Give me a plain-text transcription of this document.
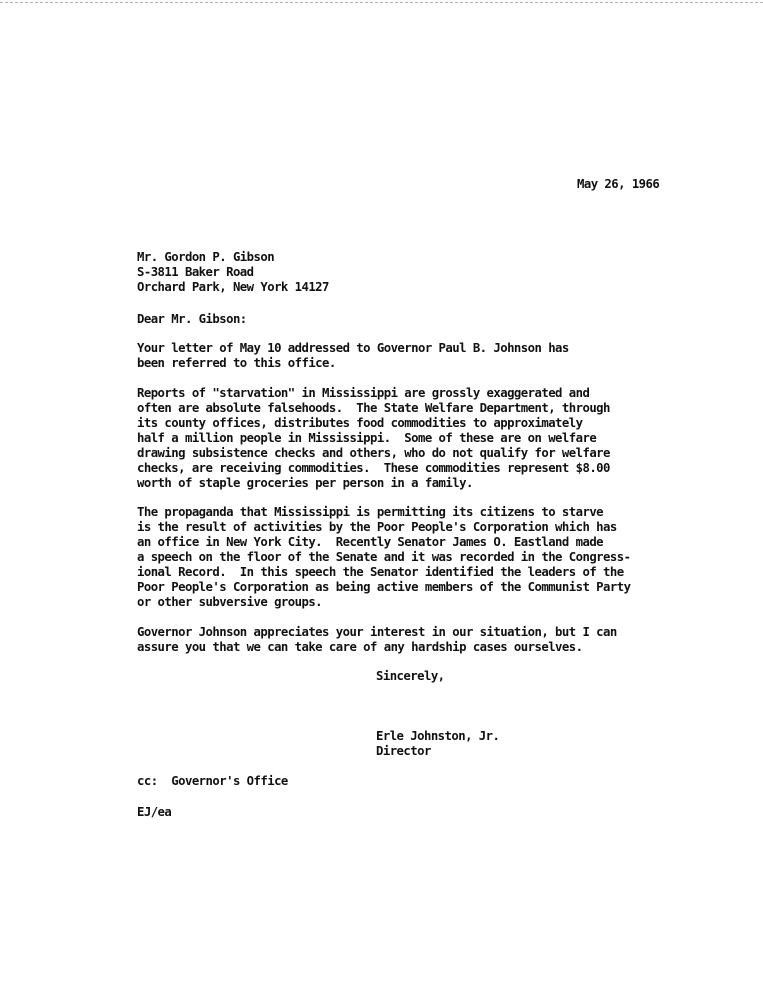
May 26, 1966
Mr. Gordon P. Gibson
S-3811 Baker Road
Orchard Park, New York 14127
Dear Mr. Gibson:
Your letter of May 10 addressed to Governor Paul B. Johnson has
been referred to this office.
Reports of "starvation" in Mississippi are grossly exaggerated and
often are absolute falsehoods.  The State Welfare Department, through
its county offices, distributes food commodities to approximately
half a million people in Mississippi.  Some of these are on welfare
drawing subsistence checks and others, who do not qualify for welfare
checks, are receiving commodities.  These commodities represent $8.00
worth of staple groceries per person in a family.
The propaganda that Mississippi is permitting its citizens to starve
is the result of activities by the Poor People's Corporation which has
an office in New York City.  Recently Senator James O. Eastland made
a speech on the floor of the Senate and it was recorded in the Congress-
ional Record.  In this speech the Senator identified the leaders of the
Poor People's Corporation as being active members of the Communist Party
or other subversive groups.
Governor Johnson appreciates your interest in our situation, but I can
assure you that we can take care of any hardship cases ourselves.
Sincerely,
Erle Johnston, Jr.
Director
cc:  Governor's Office
EJ/ea
